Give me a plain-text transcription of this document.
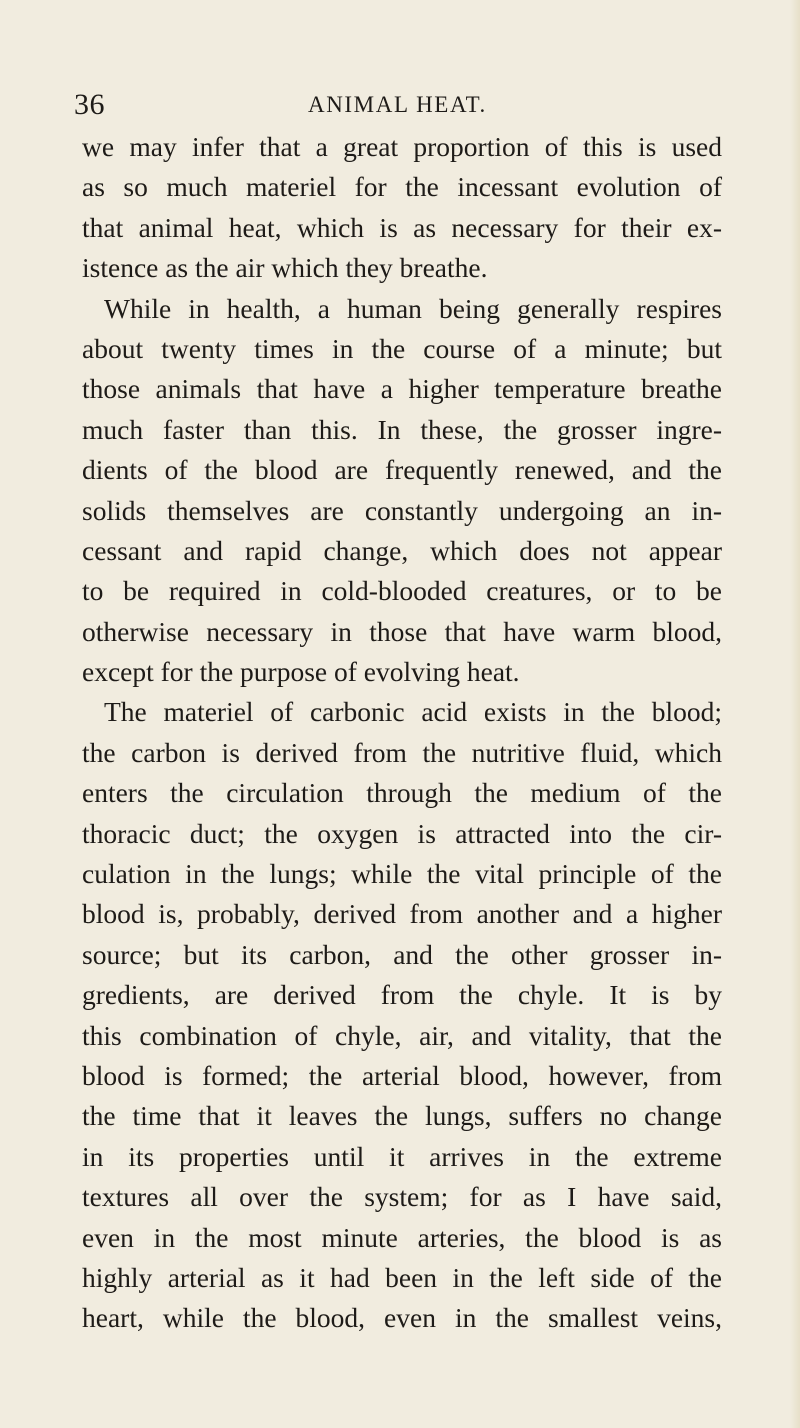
36	ANIMAL HEAT.
we may infer that a great proportion of this is used
as so much materiel for the incessant evolution of
that animal heat, which is as necessary for their ex-
istence as the air which they breathe.
While in health, a human being generally respires
about twenty times in the course of a minute; but
those animals that have a higher temperature breathe
much faster than this. In these, the grosser ingre-
dients of the blood are frequently renewed, and the
solids themselves are constantly undergoing an in-
cessant and rapid change, which does not appear
to be required in cold-blooded creatures, or to be
otherwise necessary in those that have warm blood,
except for the purpose of evolving heat.
The materiel of carbonic acid exists in the blood;
the carbon is derived from the nutritive fluid, which
enters the circulation through the medium of the
thoracic duct; the oxygen is attracted into the cir-
culation in the lungs; while the vital principle of the
blood is, probably, derived from another and a higher
source; but its carbon, and the other grosser in-
gredients, are derived from the chyle. It is by
this combination of chyle, air, and vitality, that the
blood is formed; the arterial blood, however, from
the time that it leaves the lungs, suffers no change
in its properties until it arrives in the extreme
textures all over the system; for as I have said,
even in the most minute arteries, the blood is as
highly arterial as it had been in the left side of the
heart, while the blood, even in the smallest veins,
